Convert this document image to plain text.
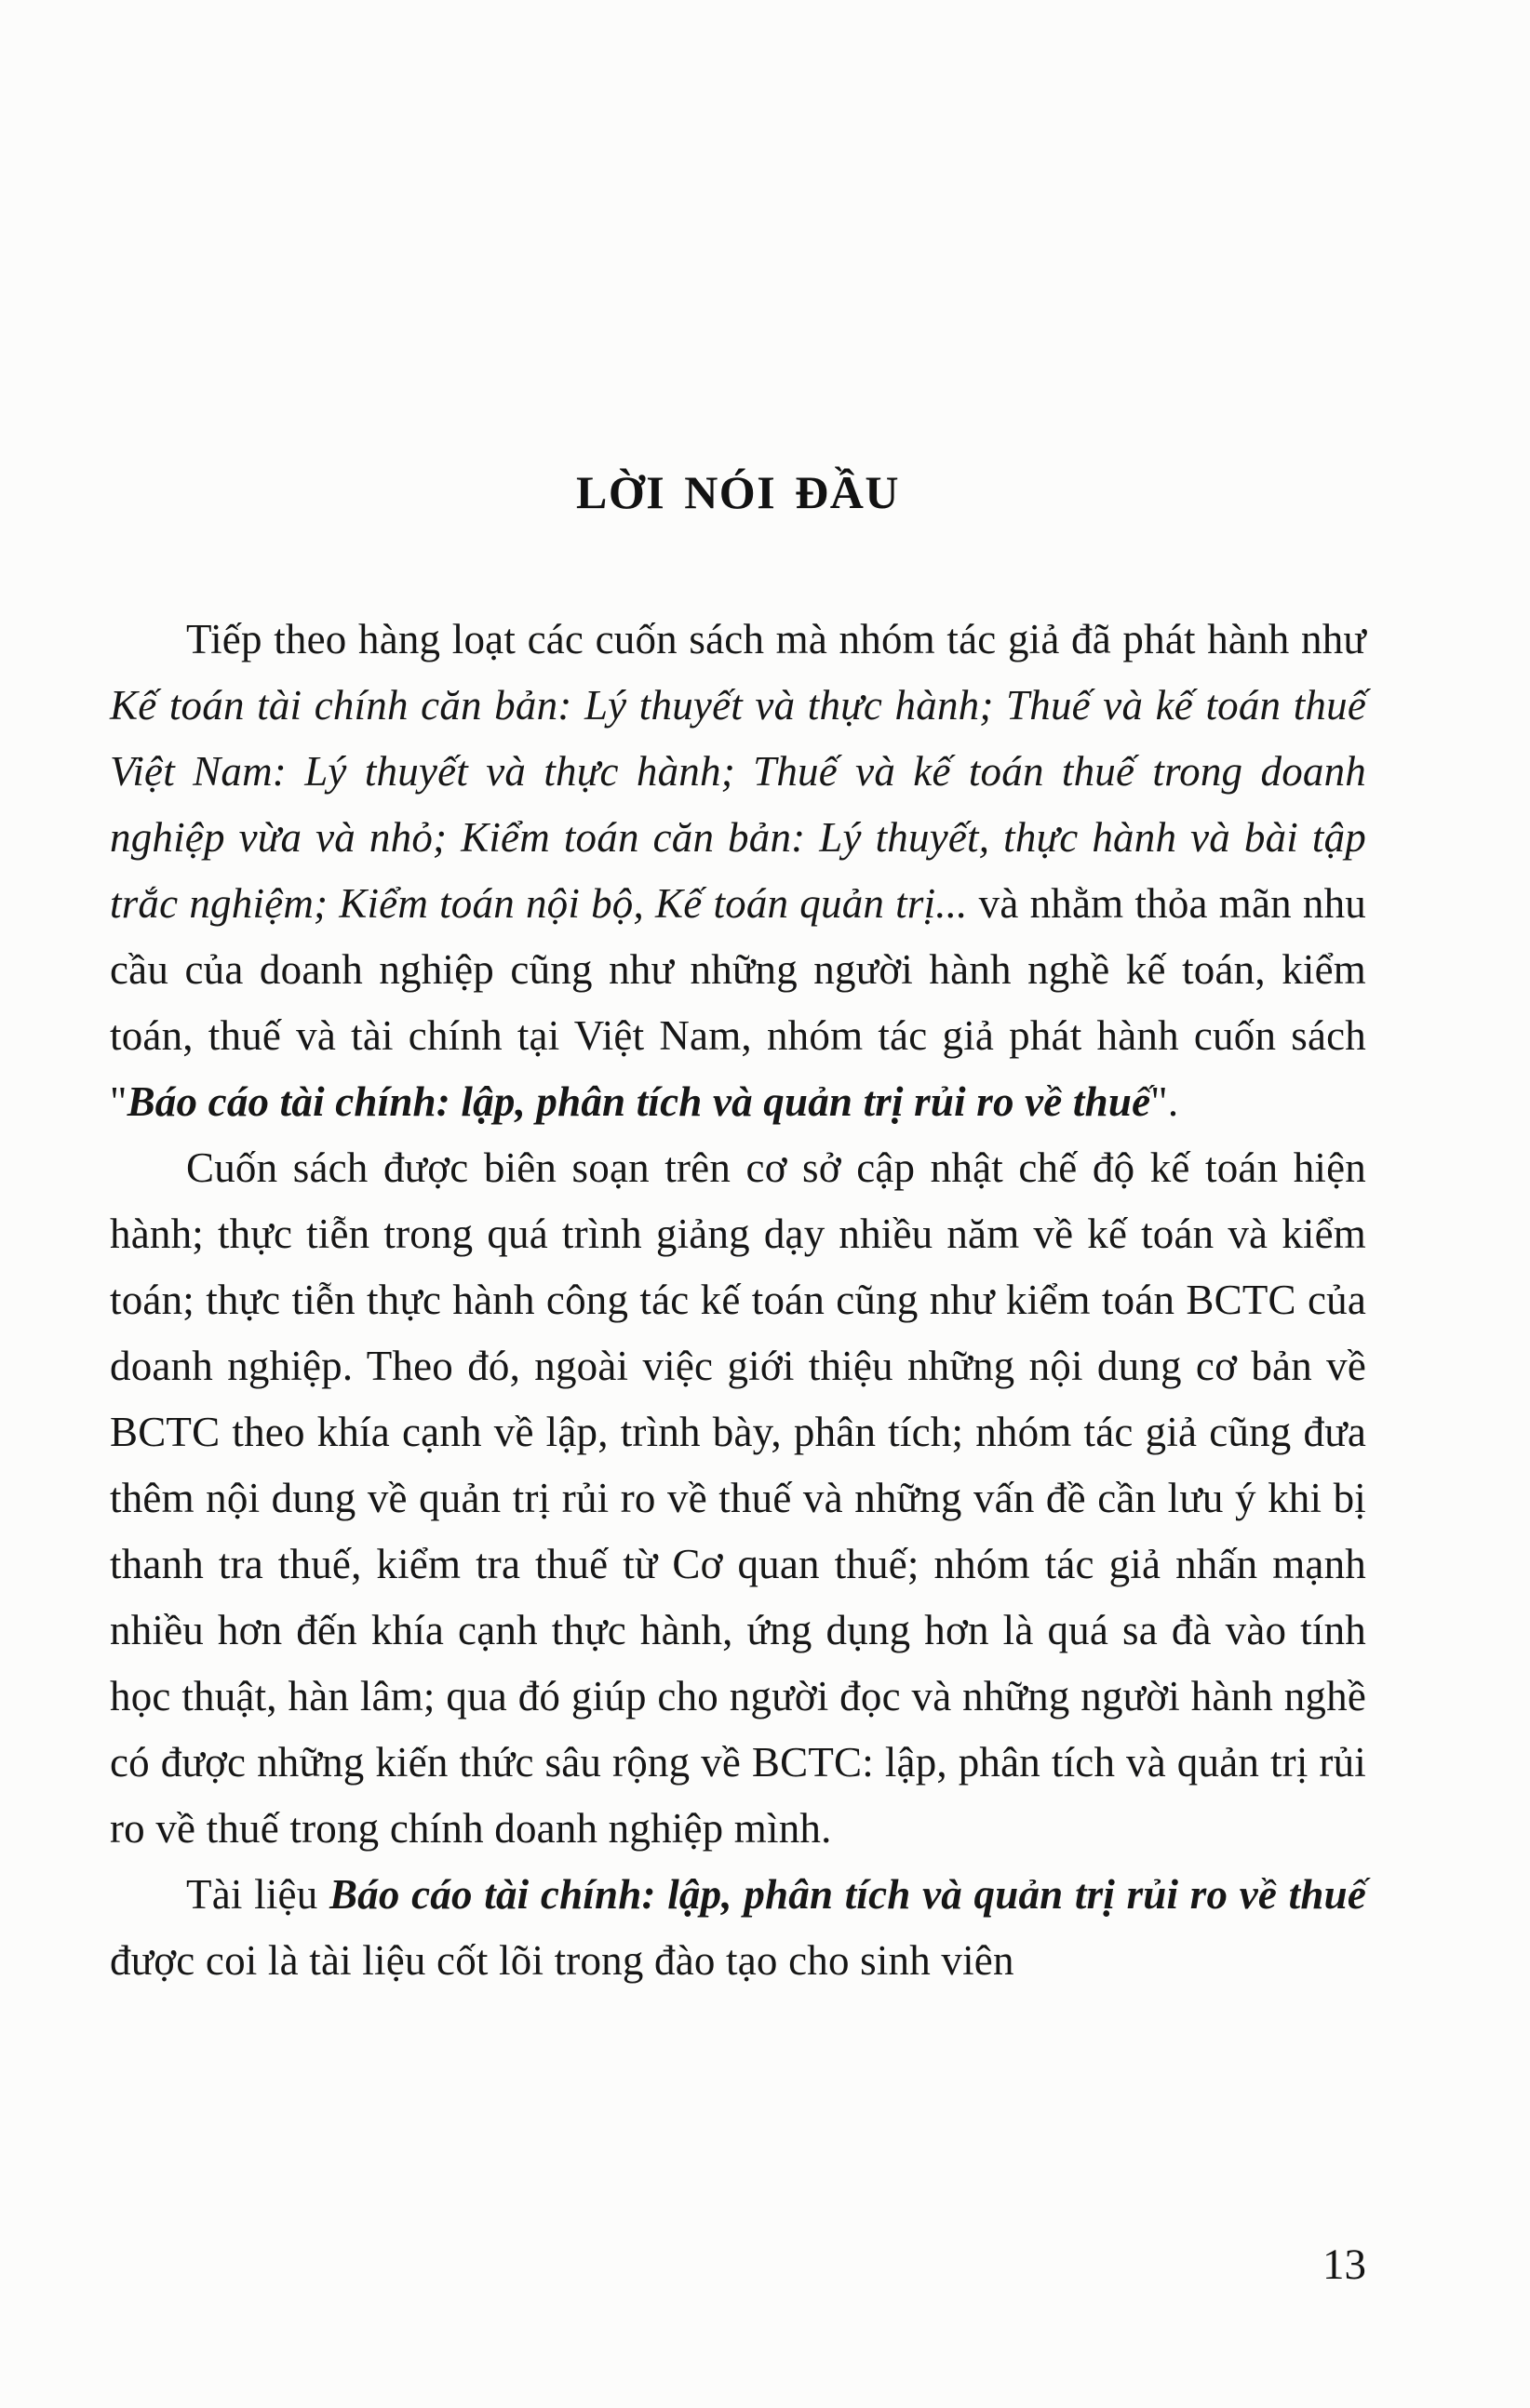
LỜI NÓI ĐẦU

Tiếp theo hàng loạt các cuốn sách mà nhóm tác giả đã phát hành như Kế toán tài chính căn bản: Lý thuyết và thực hành; Thuế và kế toán thuế Việt Nam: Lý thuyết và thực hành; Thuế và kế toán thuế trong doanh nghiệp vừa và nhỏ; Kiểm toán căn bản: Lý thuyết, thực hành và bài tập trắc nghiệm; Kiểm toán nội bộ, Kế toán quản trị... và nhằm thỏa mãn nhu cầu của doanh nghiệp cũng như những người hành nghề kế toán, kiểm toán, thuế và tài chính tại Việt Nam, nhóm tác giả phát hành cuốn sách "Báo cáo tài chính: lập, phân tích và quản trị rủi ro về thuế".

Cuốn sách được biên soạn trên cơ sở cập nhật chế độ kế toán hiện hành; thực tiễn trong quá trình giảng dạy nhiều năm về kế toán và kiểm toán; thực tiễn thực hành công tác kế toán cũng như kiểm toán BCTC của doanh nghiệp. Theo đó, ngoài việc giới thiệu những nội dung cơ bản về BCTC theo khía cạnh về lập, trình bày, phân tích; nhóm tác giả cũng đưa thêm nội dung về quản trị rủi ro về thuế và những vấn đề cần lưu ý khi bị thanh tra thuế, kiểm tra thuế từ Cơ quan thuế; nhóm tác giả nhấn mạnh nhiều hơn đến khía cạnh thực hành, ứng dụng hơn là quá sa đà vào tính học thuật, hàn lâm; qua đó giúp cho người đọc và những người hành nghề có được những kiến thức sâu rộng về BCTC: lập, phân tích và quản trị rủi ro về thuế trong chính doanh nghiệp mình.

Tài liệu Báo cáo tài chính: lập, phân tích và quản trị rủi ro về thuế được coi là tài liệu cốt lõi trong đào tạo cho sinh viên

13
